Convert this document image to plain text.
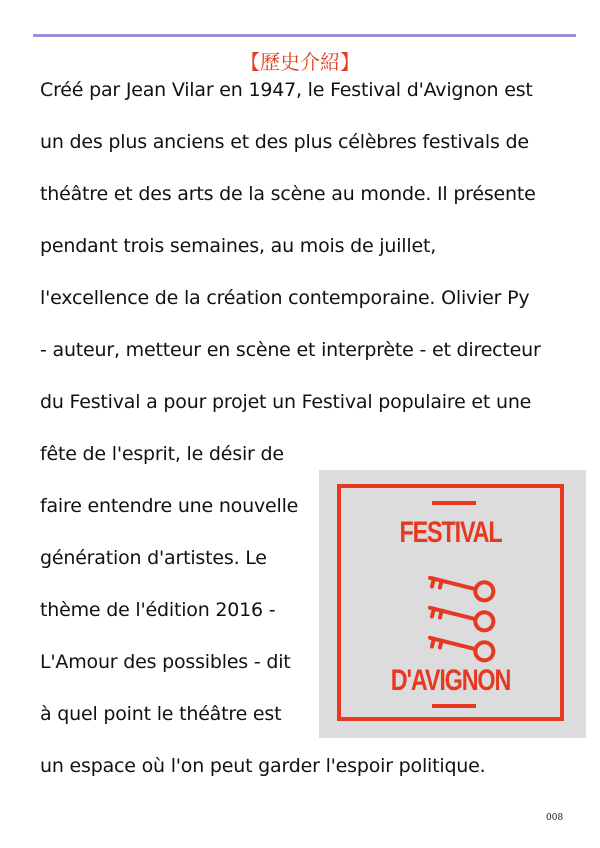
【歷史介紹】
Créé par Jean Vilar en 1947, le Festival d'Avignon est
un des plus anciens et des plus célèbres festivals de
théâtre et des arts de la scène au monde. Il présente
pendant trois semaines, au mois de juillet,
l'excellence de la création contemporaine. Olivier Py
- auteur, metteur en scène et interprète - et directeur
du Festival a pour projet un Festival populaire et une
fête de l'esprit, le désir de
faire entendre une nouvelle
génération d'artistes. Le
thème de l'édition 2016 -
L'Amour des possibles - dit
à quel point le théâtre est
un espace où l'on peut garder l'espoir politique.
FESTIVAL
D'AVIGNON
008
